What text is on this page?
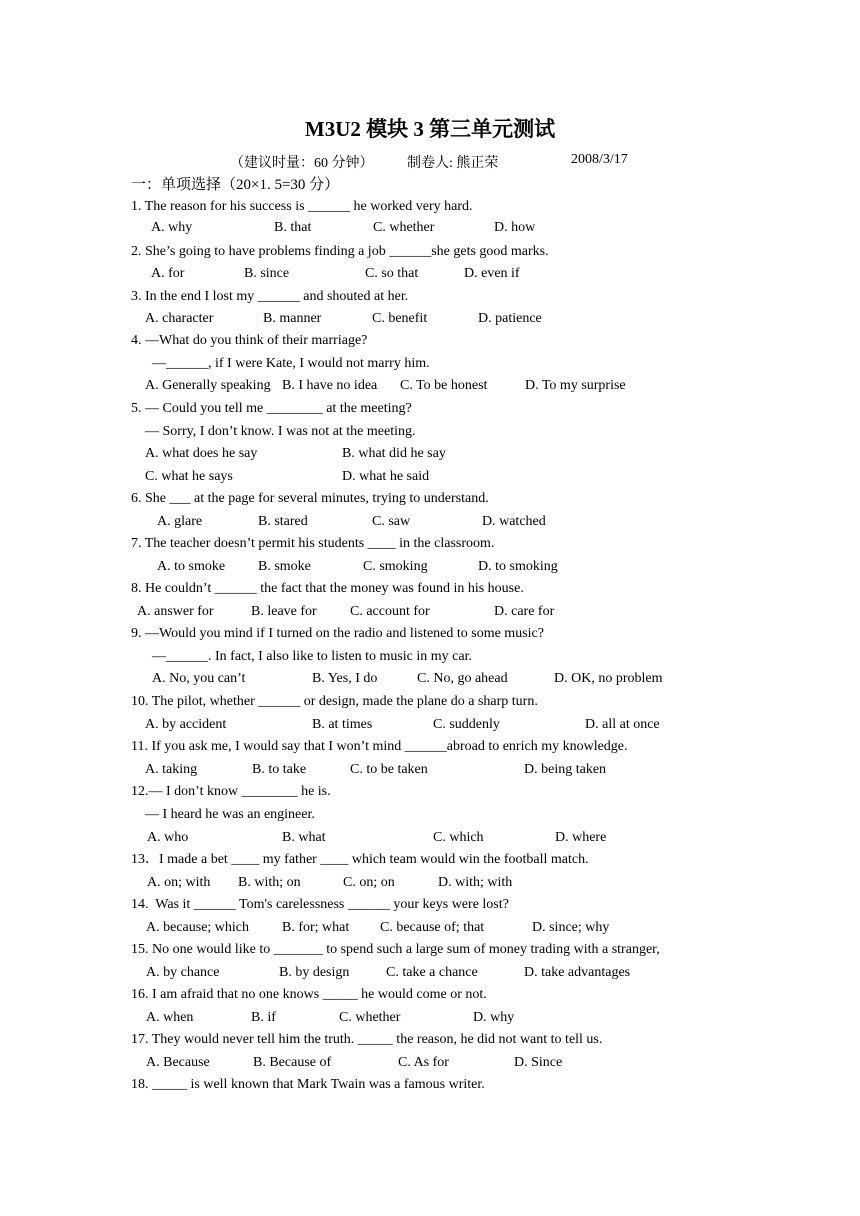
M3U2 模块 3 第三单元测试
（建议时量：60 分钟） 制卷人: 熊正荣	2008/3/17
一：单项选择（20×1. 5=30 分）
1. The reason for his success is ______ he worked very hard.
A. why	B. that	C. whether	D. how
2. She’s going to have problems finding a job ______she gets good marks.
A. for	B. since	C. so that	D. even if
3. In the end I lost my ______ and shouted at her.
A. character	B. manner	C. benefit	D. patience
4. —What do you think of their marriage?
—______, if I were Kate, I would not marry him.
A. Generally speaking B. I have no idea C. To be honest	D. To my surprise
5. — Could you tell me ________ at the meeting?
— Sorry, I don’t know. I was not at the meeting.
A. what does he say	B. what did he say
C. what he says	D. what he said
6. She ___ at the page for several minutes, trying to understand.
A. glare	B. stared	C. saw	D. watched
7. The teacher doesn’t permit his students ____ in the classroom.
A. to smoke B. smoke	C. smoking	D. to smoking
8. He couldn’t ______ the fact that the money was found in his house.
A. answer for	B. leave for C. account for	D. care for
9. —Would you mind if I turned on the radio and listened to some music?
—______. In fact, I also like to listen to music in my car.
A. No, you can’t	B. Yes, I do	C. No, go ahead	D. OK, no problem
10. The pilot, whether ______ or design, made the plane do a sharp turn.
A. by accident	B. at times	C. suddenly	D. all at once
11. If you ask me, I would say that I won’t mind ______abroad to enrich my knowledge.
A. taking	B. to take	C. to be taken	D. being taken
12.— I don’t know ________ he is.
— I heard he was an engineer.
A. who	B. what	C. which	D. where
13．I made a bet ____ my father ____ which team would win the football match.
A. on; with B. with; on	C. on; on	D. with; with
14.  Was it ______ Tom's carelessness ______ your keys were lost?
A. because; which B. for; what C. because of; that	D. since; why
15. No one would like to _______ to spend such a large sum of money trading with a stranger,
A. by chance	B. by design	C. take a chance	D. take advantages
16. I am afraid that no one knows _____ he would come or not.
A. when	B. if	C. whether	D. why
17. They would never tell him the truth. _____ the reason, he did not want to tell us.
A. Because	B. Because of	C. As for	D. Since
18. _____ is well known that Mark Twain was a famous writer.
